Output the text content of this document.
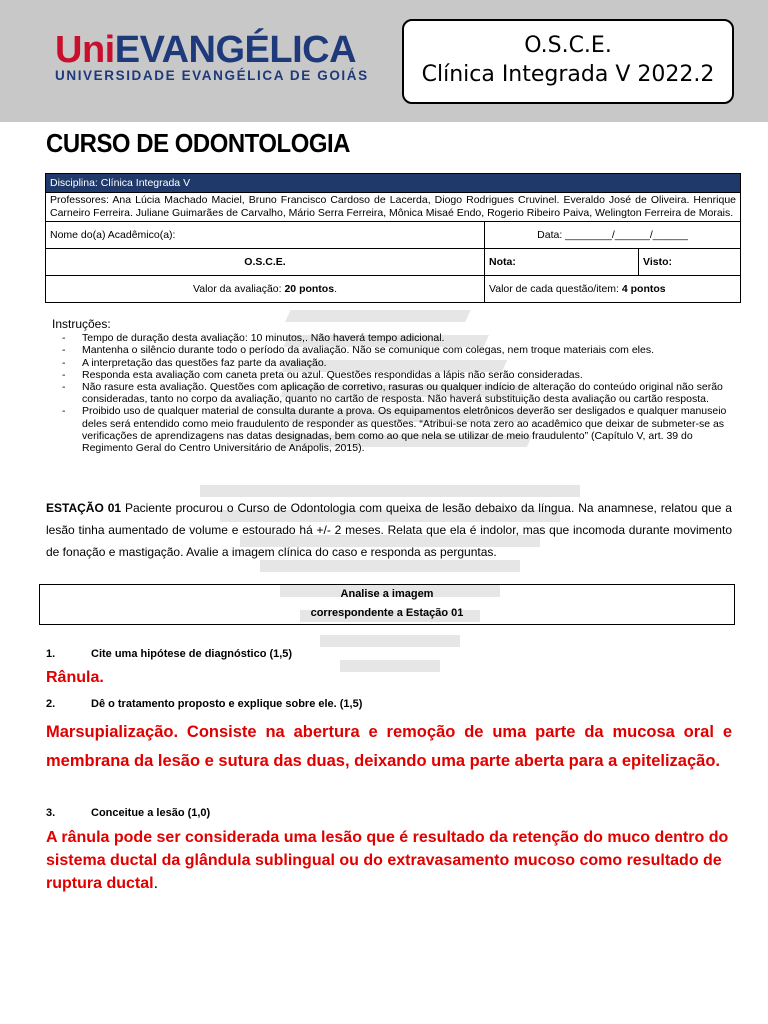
UniEVANGÉLICA
UNIVERSIDADE EVANGÉLICA DE GOIÁS
O.S.C.E.
Clínica Integrada V 2022.2
CURSO DE ODONTOLOGIA
Disciplina: Clínica Integrada V		
Professores: Ana Lúcia Machado Maciel, Bruno Francisco Cardoso de Lacerda, Diogo Rodrigues Cruvinel. Everaldo José de Oliveira. Henrique Carneiro Ferreira. Juliane Guimarães de Carvalho, Mário Serra Ferreira, Mônica Misaé Endo, Rogerio Ribeiro Paiva, Welington Ferreira de Morais.		
Nome do(a) Acadêmico(a):	Data: ________/______/______	
O.S.C.E.	Nota:	Visto:
Valor da avaliação: 20 pontos.	Valor de cada questão/item: 4 pontos	
Instruções:
- Tempo de duração desta avaliação: 10 minutos,. Não haverá tempo adicional.
- Mantenha o silêncio durante todo o período da avaliação. Não se comunique com colegas, nem troque materiais com eles.
- A interpretação das questões faz parte da avaliação.
- Responda esta avaliação com caneta preta ou azul. Questões respondidas a lápis não serão consideradas.
- Não rasure esta avaliação. Questões com aplicação de corretivo, rasuras ou qualquer indício de alteração do conteúdo original não serão consideradas, tanto no corpo da avaliação, quanto no cartão de resposta. Não haverá substituição desta avaliação ou cartão resposta.
- Proibido uso de qualquer material de consulta durante a prova. Os equipamentos eletrônicos deverão ser desligados e qualquer manuseio deles será entendido como meio fraudulento de responder as questões. “Atribui-se nota zero ao acadêmico que deixar de submeter-se as verificações de aprendizagens nas datas designadas, bem como ao que nela se utilizar de meio fraudulento” (Capítulo V, art. 39 do Regimento Geral do Centro Universitário de Anápolis, 2015).
ESTAÇÃO 01 Paciente procurou o Curso de Odontologia com queixa de lesão debaixo da língua. Na anamnese, relatou que a lesão tinha aumentado de volume e estourado há +/- 2 meses. Relata que ela é indolor, mas que incomoda durante movimento de fonação e mastigação. Avalie a imagem clínica do caso e responda as perguntas.
Analise a imagem
correspondente a Estação 01
1.	Cite uma hipótese de diagnóstico (1,5)
Rânula.
2.	Dê o tratamento proposto e explique sobre ele. (1,5)
Marsupialização. Consiste na abertura e remoção de uma parte da mucosa oral e membrana da lesão e sutura das duas, deixando uma parte aberta para a epitelização.
3.	Conceitue a lesão (1,0)
A rânula pode ser considerada uma lesão que é resultado da retenção do muco dentro do sistema ductal da glândula sublingual ou do extravasamento mucoso como resultado de ruptura ductal.
